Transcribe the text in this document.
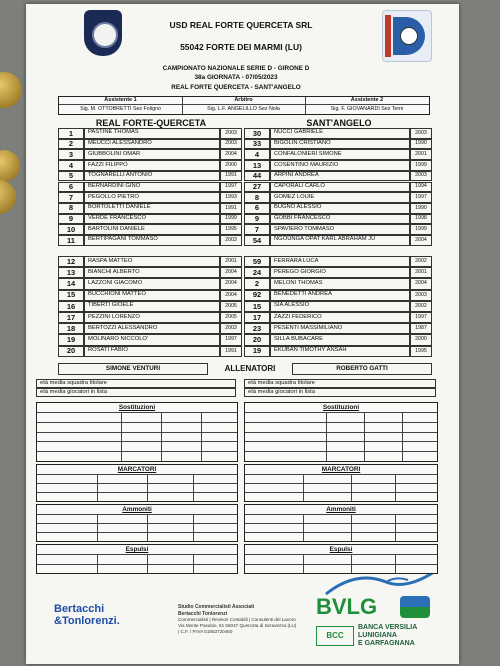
USD REAL FORTE QUERCETA SRL
55042 FORTE DEI MARMI (LU)
CAMPIONATO NAZIONALE SERIE D - GIRONE D
38a GIORNATA - 07/05/2023
REAL FORTE QUERCETA - SANT'ANGELO
Assistente 1
Sig. M. OTTOBRETTI Sez Foligno
Arbitro
Sig. L.F. ANGELILLO Sez Nola
Assistente 2
Sig. F. GIOVANARDI Sez Terni
REAL FORTE-QUERCETA	SANT'ANGELO
1	PASTINE THOMAS	2003
2	MEUCCI ALESSANDRO	2003
3	GIUBBOLINI OMAR	2004
4	FAZZI FILIPPO	2000
5	TOGNARELLI ANTONIO	1991
6	BERNARDINI GINO	1997
7	PEGOLLO PIETRO	1993
8	BORTOLETTI DANIELE	1991
9	VERDE FRANCESCO	1999
10	BARTOLINI DANIELE	1995
11	BERTIPAGANI TOMMASO	2003
30	NUCCI GABRIELE	2003
33	BIGOLIN CRISTIANO	1990
4	CONFALONIERI SIMONE	2001
13	COSENTINO MAURIZIO	1999
44	ARPINI ANDREA	2003
27	CAPORALI CARLO	1994
8	GOMEZ LOUIE	1997
6	BUGNO ALESSIO	1990
9	GOBBI FRANCESCO	1998
7	SPAVIERO TOMMASO	1999
54	NGOUNGA OPAT KARL ABRAHAM JU	2004
12	RASPA MATTEO	2001
13	BIANCHI ALBERTO	2004
14	LAZZONI GIACOMO	2004
15	BUCCHIONI MATTEO	2004
16	TIBERTI GIOELE	2005
17	PEZZINI LORENZO	2005
18	BERTOZZI ALESSANDRO	2003
19	MOLINARO NICCOLO'	1997
20	ROSATI FABIO	1991
59	FERRARA LUCA	2002
24	PEREGO GIORGIO	2001
2	MELONI THOMAS	2004
92	BENEDETTI ANDREA	2003
15	SIA ALESSIO	2002
17	ZAZZI FEDERICO	1997
23	PESENTI MASSIMILIANO	1987
20	SILLA BUBACARE	2000
19	EKUBAN TIMOTHY ANSAH	1995
SIMONE VENTURI	ALLENATORI	ROBERTO GATTI
età media squadra titolare
età media giocatori in lista
età media squadra titolare
età media giocatori in lista
Bertacchi
&Tonlorenzi.
Studio Commercialisti Associati
Bertacchi Tonlorenzi
Commercialisti | Revisori Contabili | Consulenti del Lavoro
Via Monte Pasubio, 51 55047 Querceta di Seravezza (LU)
| C.F. / P.IVA 01853720460
BVLG
BCC
BANCA VERSILIA
LUNIGIANA
E GARFAGNANA
Sostituzioni	Sostituzioni
MARCATORI	MARCATORI
Ammoniti	Ammoniti
Espulsi	Espulsi
